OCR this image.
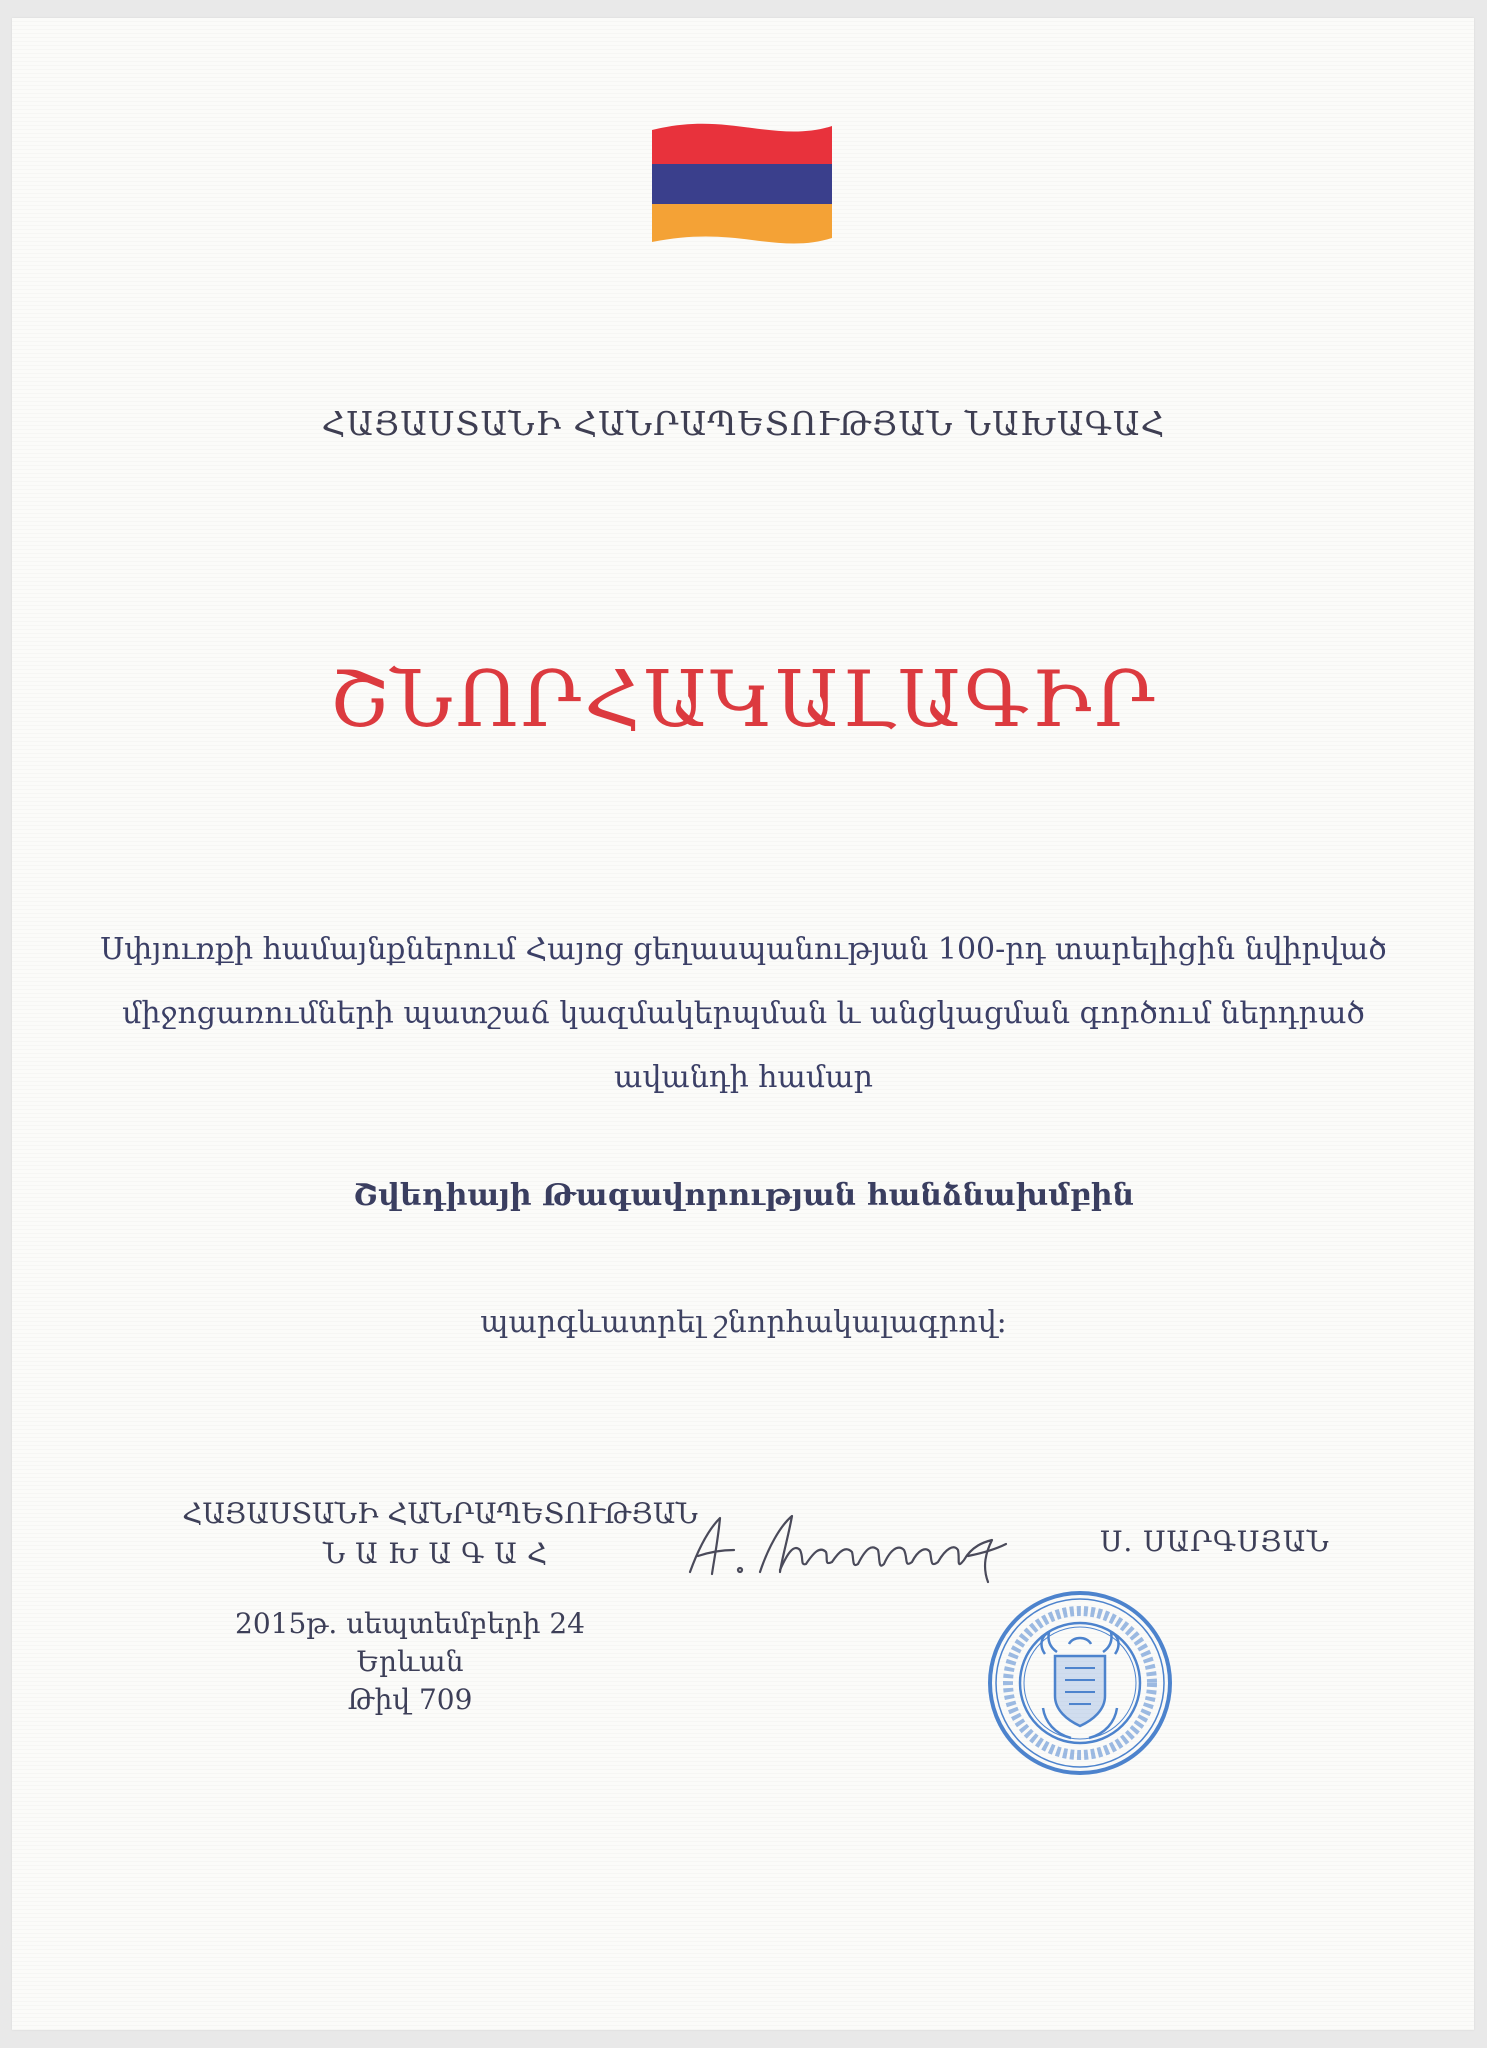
ՀԱՅԱՍՏԱՆԻ ՀԱՆՐԱՊԵՏՈՒԹՅԱՆ ՆԱԽԱԳԱՀ
ՇՆՈՐՀԱԿԱԼԱԳԻՐ
Սփյուռքի համայնքներում Հայոց ցեղասպանության 100-րդ տարելիցին նվիրված
միջոցառումների պատշաճ կազմակերպման և անցկացման գործում ներդրած
ավանդի համար
Շվեդիայի Թագավորության հանձնախմբին
պարգևատրել շնորհակալագրով:
ՀԱՅԱՍՏԱՆԻ ՀԱՆՐԱՊԵՏՈՒԹՅԱՆ
ՆԱԽԱԳԱՀ	Ս. ՍԱՐԳՍՅԱՆ
2015թ. սեպտեմբերի 24
Երևան
Թիվ 709
